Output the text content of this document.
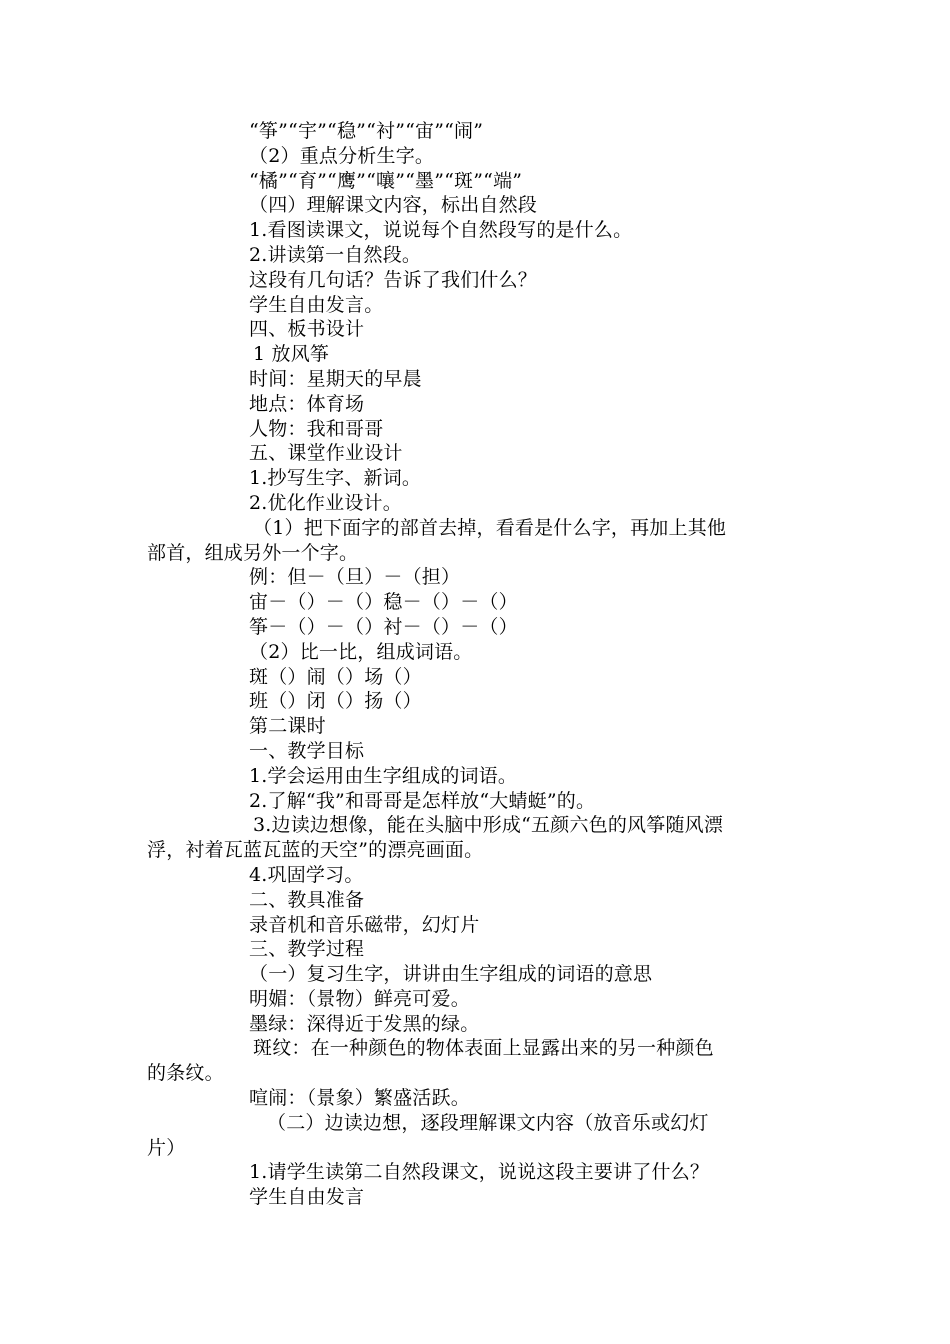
“筝”“宇”“稳”“衬”“宙”“闹”
（2）重点分析生字。
“橘”“育”“鹰”“嚷”“墨”“斑”“端”
（四）理解课文内容，标出自然段
1.看图读课文，说说每个自然段写的是什么。
2.讲读第一自然段。
这段有几句话？告诉了我们什么？
学生自由发言。
四、板书设计
1 放风筝
时间：星期天的早晨
地点：体育场
人物：我和哥哥
五、课堂作业设计
1.抄写生字、新词。
2.优化作业设计。
（1）把下面字的部首去掉，看看是什么字，再加上其他
部首，组成另外一个字。
例：但－（旦）－（担）
宙－（）－（）稳－（）－（）
筝－（）－（）衬－（）－（）
（2）比一比，组成词语。
斑（）闹（）场（）
班（）闭（）扬（）
第二课时
一、教学目标
1.学会运用由生字组成的词语。
2.了解“我”和哥哥是怎样放“大蜻蜓”的。
3.边读边想像，能在头脑中形成“五颜六色的风筝随风漂
浮，衬着瓦蓝瓦蓝的天空”的漂亮画面。
4.巩固学习。
二、教具准备
录音机和音乐磁带，幻灯片
三、教学过程
（一）复习生字，讲讲由生字组成的词语的意思
明媚：（景物）鲜亮可爱。
墨绿：深得近于发黑的绿。
斑纹：在一种颜色的物体表面上显露出来的另一种颜色
的条纹。
喧闹：（景象）繁盛活跃。
（二）边读边想，逐段理解课文内容（放音乐或幻灯
片）
1.请学生读第二自然段课文，说说这段主要讲了什么？
学生自由发言
